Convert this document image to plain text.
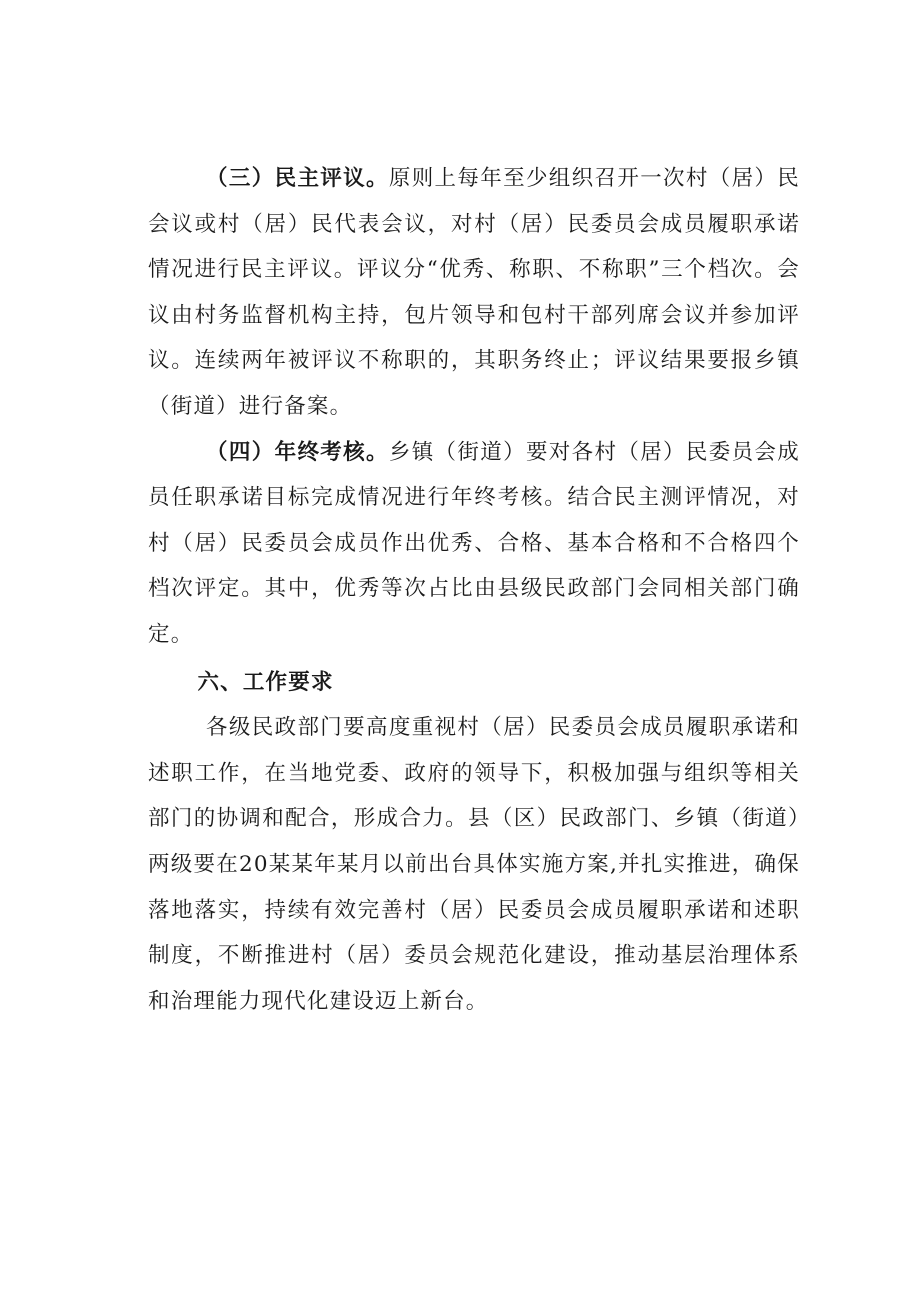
（三）民主评议。原则上每年至少组织召开一次村（居）民会议或村（居）民代表会议，对村（居）民委员会成员履职承诺情况进行民主评议。评议分“优秀、称职、不称职”三个档次。会议由村务监督机构主持，包片领导和包村干部列席会议并参加评议。连续两年被评议不称职的，其职务终止；评议结果要报乡镇（街道）进行备案。

（四）年终考核。乡镇（街道）要对各村（居）民委员会成员任职承诺目标完成情况进行年终考核。结合民主测评情况，对村（居）民委员会成员作出优秀、合格、基本合格和不合格四个档次评定。其中，优秀等次占比由县级民政部门会同相关部门确定。

六、工作要求

各级民政部门要高度重视村（居）民委员会成员履职承诺和述职工作，在当地党委、政府的领导下，积极加强与组织等相关部门的协调和配合，形成合力。县（区）民政部门、乡镇（街道）两级要在20某某年某月以前出台具体实施方案,并扎实推进，确保落地落实，持续有效完善村（居）民委员会成员履职承诺和述职制度，不断推进村（居）委员会规范化建设，推动基层治理体系和治理能力现代化建设迈上新台。
